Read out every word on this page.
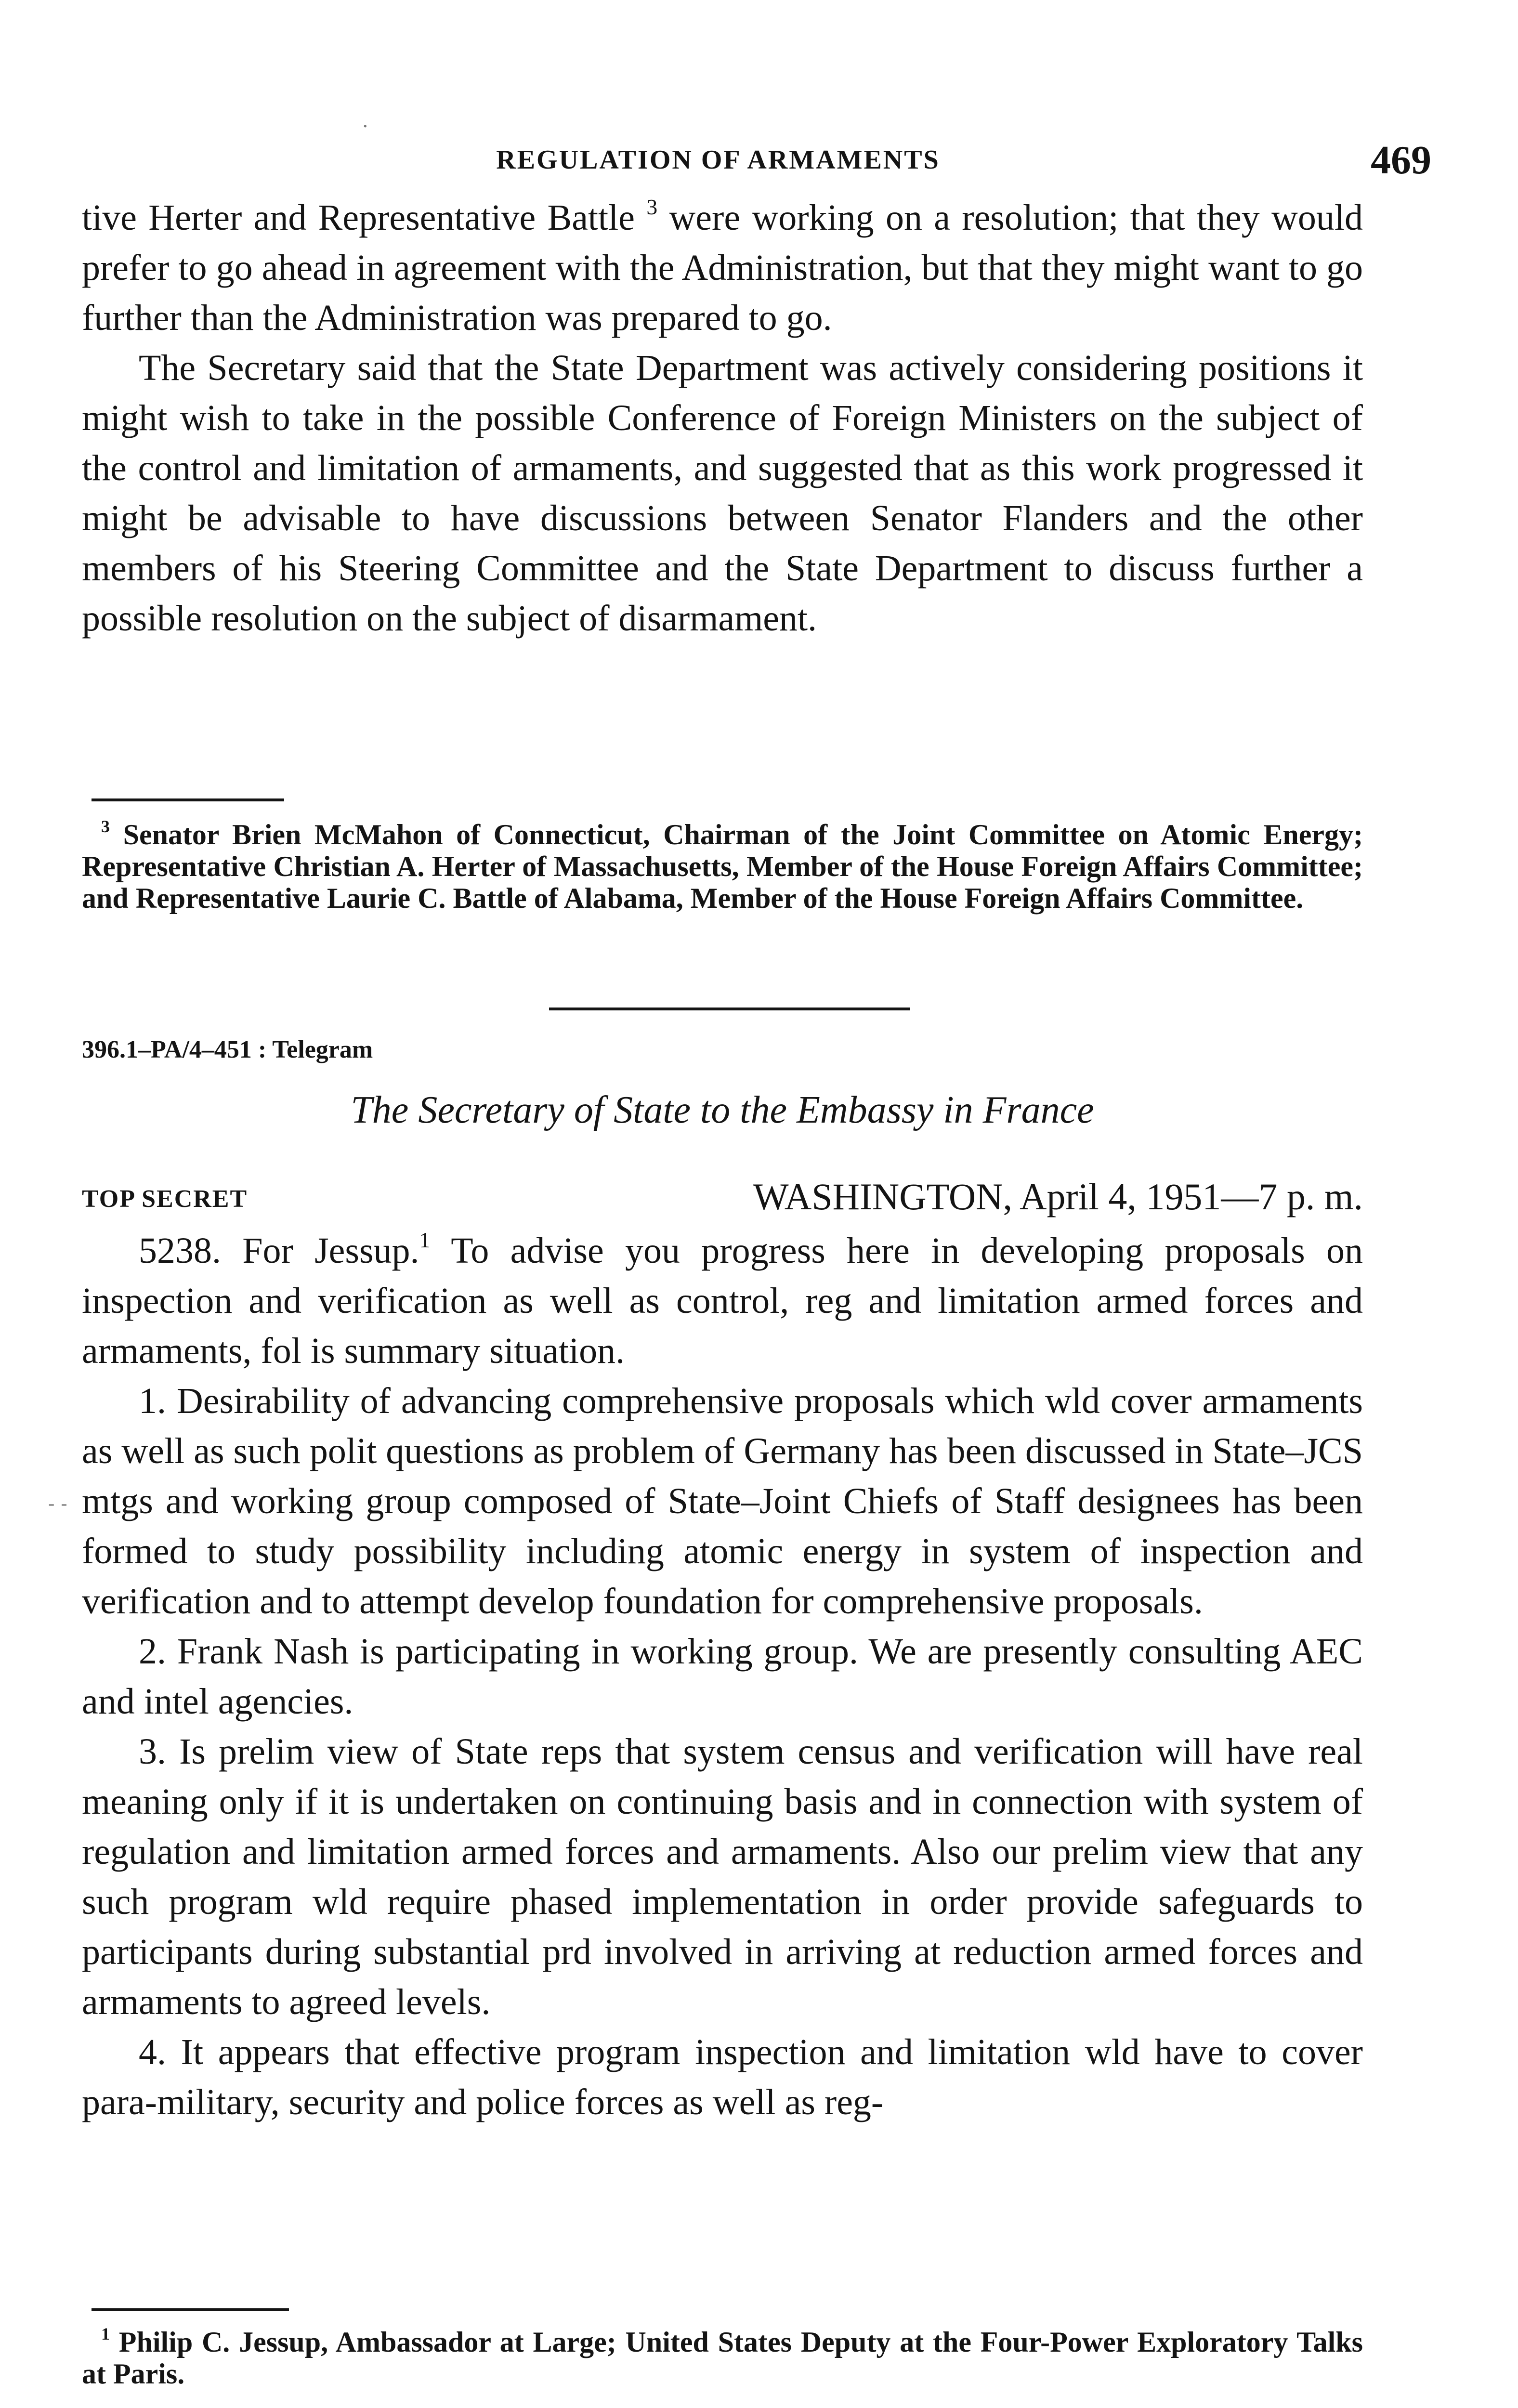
REGULATION OF ARMAMENTS	469

tive Herter and Representative Battle $^3$ were working on a resolution; that they would prefer to go ahead in agreement with the Administration, but that they might want to go further than the Administration was prepared to go.

The Secretary said that the State Department was actively considering positions it might wish to take in the possible Conference of Foreign Ministers on the subject of the control and limitation of armaments, and suggested that as this work progressed it might be advisable to have discussions between Senator Flanders and the other members of his Steering Committee and the State Department to discuss further a possible resolution on the subject of disarmament.

$^3$ Senator Brien McMahon of Connecticut, Chairman of the Joint Committee on Atomic Energy; Representative Christian A. Herter of Massachusetts, Member of the House Foreign Affairs Committee; and Representative Laurie C. Battle of Alabama, Member of the House Foreign Affairs Committee.
396.1–PA/4–451 : Telegram
The Secretary of State to the Embassy in France
TOP SECRET	WASHINGTON, April 4, 1951—7 p. m.

5238. For Jessup.$^1$ To advise you progress here in developing proposals on inspection and verification as well as control, reg and limitation armed forces and armaments, fol is summary situation.

1. Desirability of advancing comprehensive proposals which wld cover armaments as well as such polit questions as problem of Germany has been discussed in State–JCS mtgs and working group composed of State–Joint Chiefs of Staff designees has been formed to study possibility including atomic energy in system of inspection and verification and to attempt develop foundation for comprehensive proposals.

2. Frank Nash is participating in working group. We are presently consulting AEC and intel agencies.

3. Is prelim view of State reps that system census and verification will have real meaning only if it is undertaken on continuing basis and in connection with system of regulation and limitation armed forces and armaments. Also our prelim view that any such program wld require phased implementation in order provide safeguards to participants during substantial prd involved in arriving at reduction armed forces and armaments to agreed levels.

4. It appears that effective program inspection and limitation wld have to cover para-military, security and police forces as well as reg-

$^1$ Philip C. Jessup, Ambassador at Large; United States Deputy at the Four-Power Exploratory Talks at Paris.
·
- -
